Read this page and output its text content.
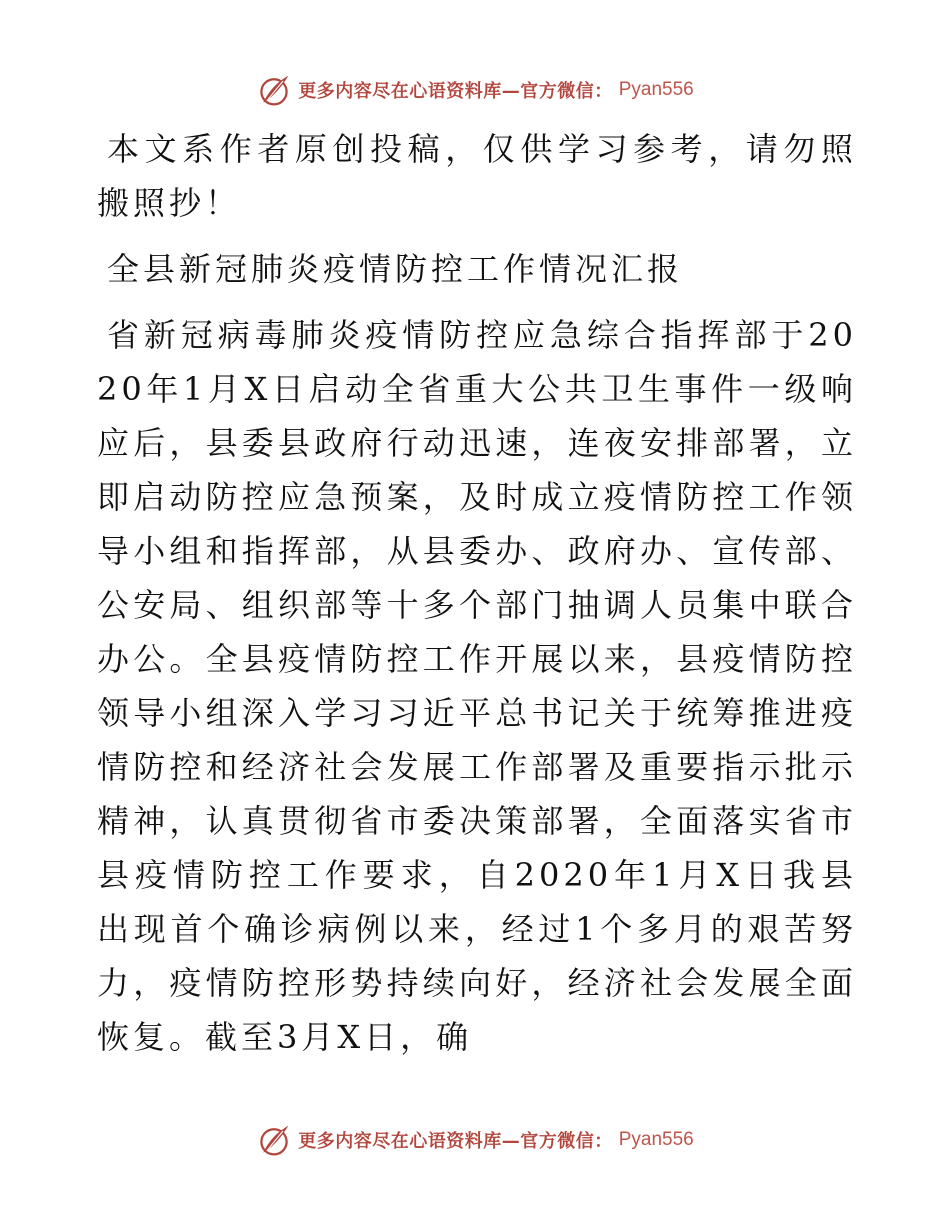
更多内容尽在心语资料库—官方微信： Pyan556

本文系作者原创投稿，仅供学习参考，请勿照搬照抄！

全县新冠肺炎疫情防控工作情况汇报

省新冠病毒肺炎疫情防控应急综合指挥部于2020年1月X日启动全省重大公共卫生事件一级响应后，县委县政府行动迅速，连夜安排部署，立即启动防控应急预案，及时成立疫情防控工作领导小组和指挥部，从县委办、政府办、宣传部、公安局、组织部等十多个部门抽调人员集中联合办公。全县疫情防控工作开展以来，县疫情防控领导小组深入学习习近平总书记关于统筹推进疫情防控和经济社会发展工作部署及重要指示批示精神，认真贯彻省市委决策部署，全面落实省市县疫情防控工作要求，自2020年1月X日我县出现首个确诊病例以来，经过1个多月的艰苦努力，疫情防控形势持续向好，经济社会发展全面恢复。截至3月X日，确

更多内容尽在心语资料库—官方微信： Pyan556
